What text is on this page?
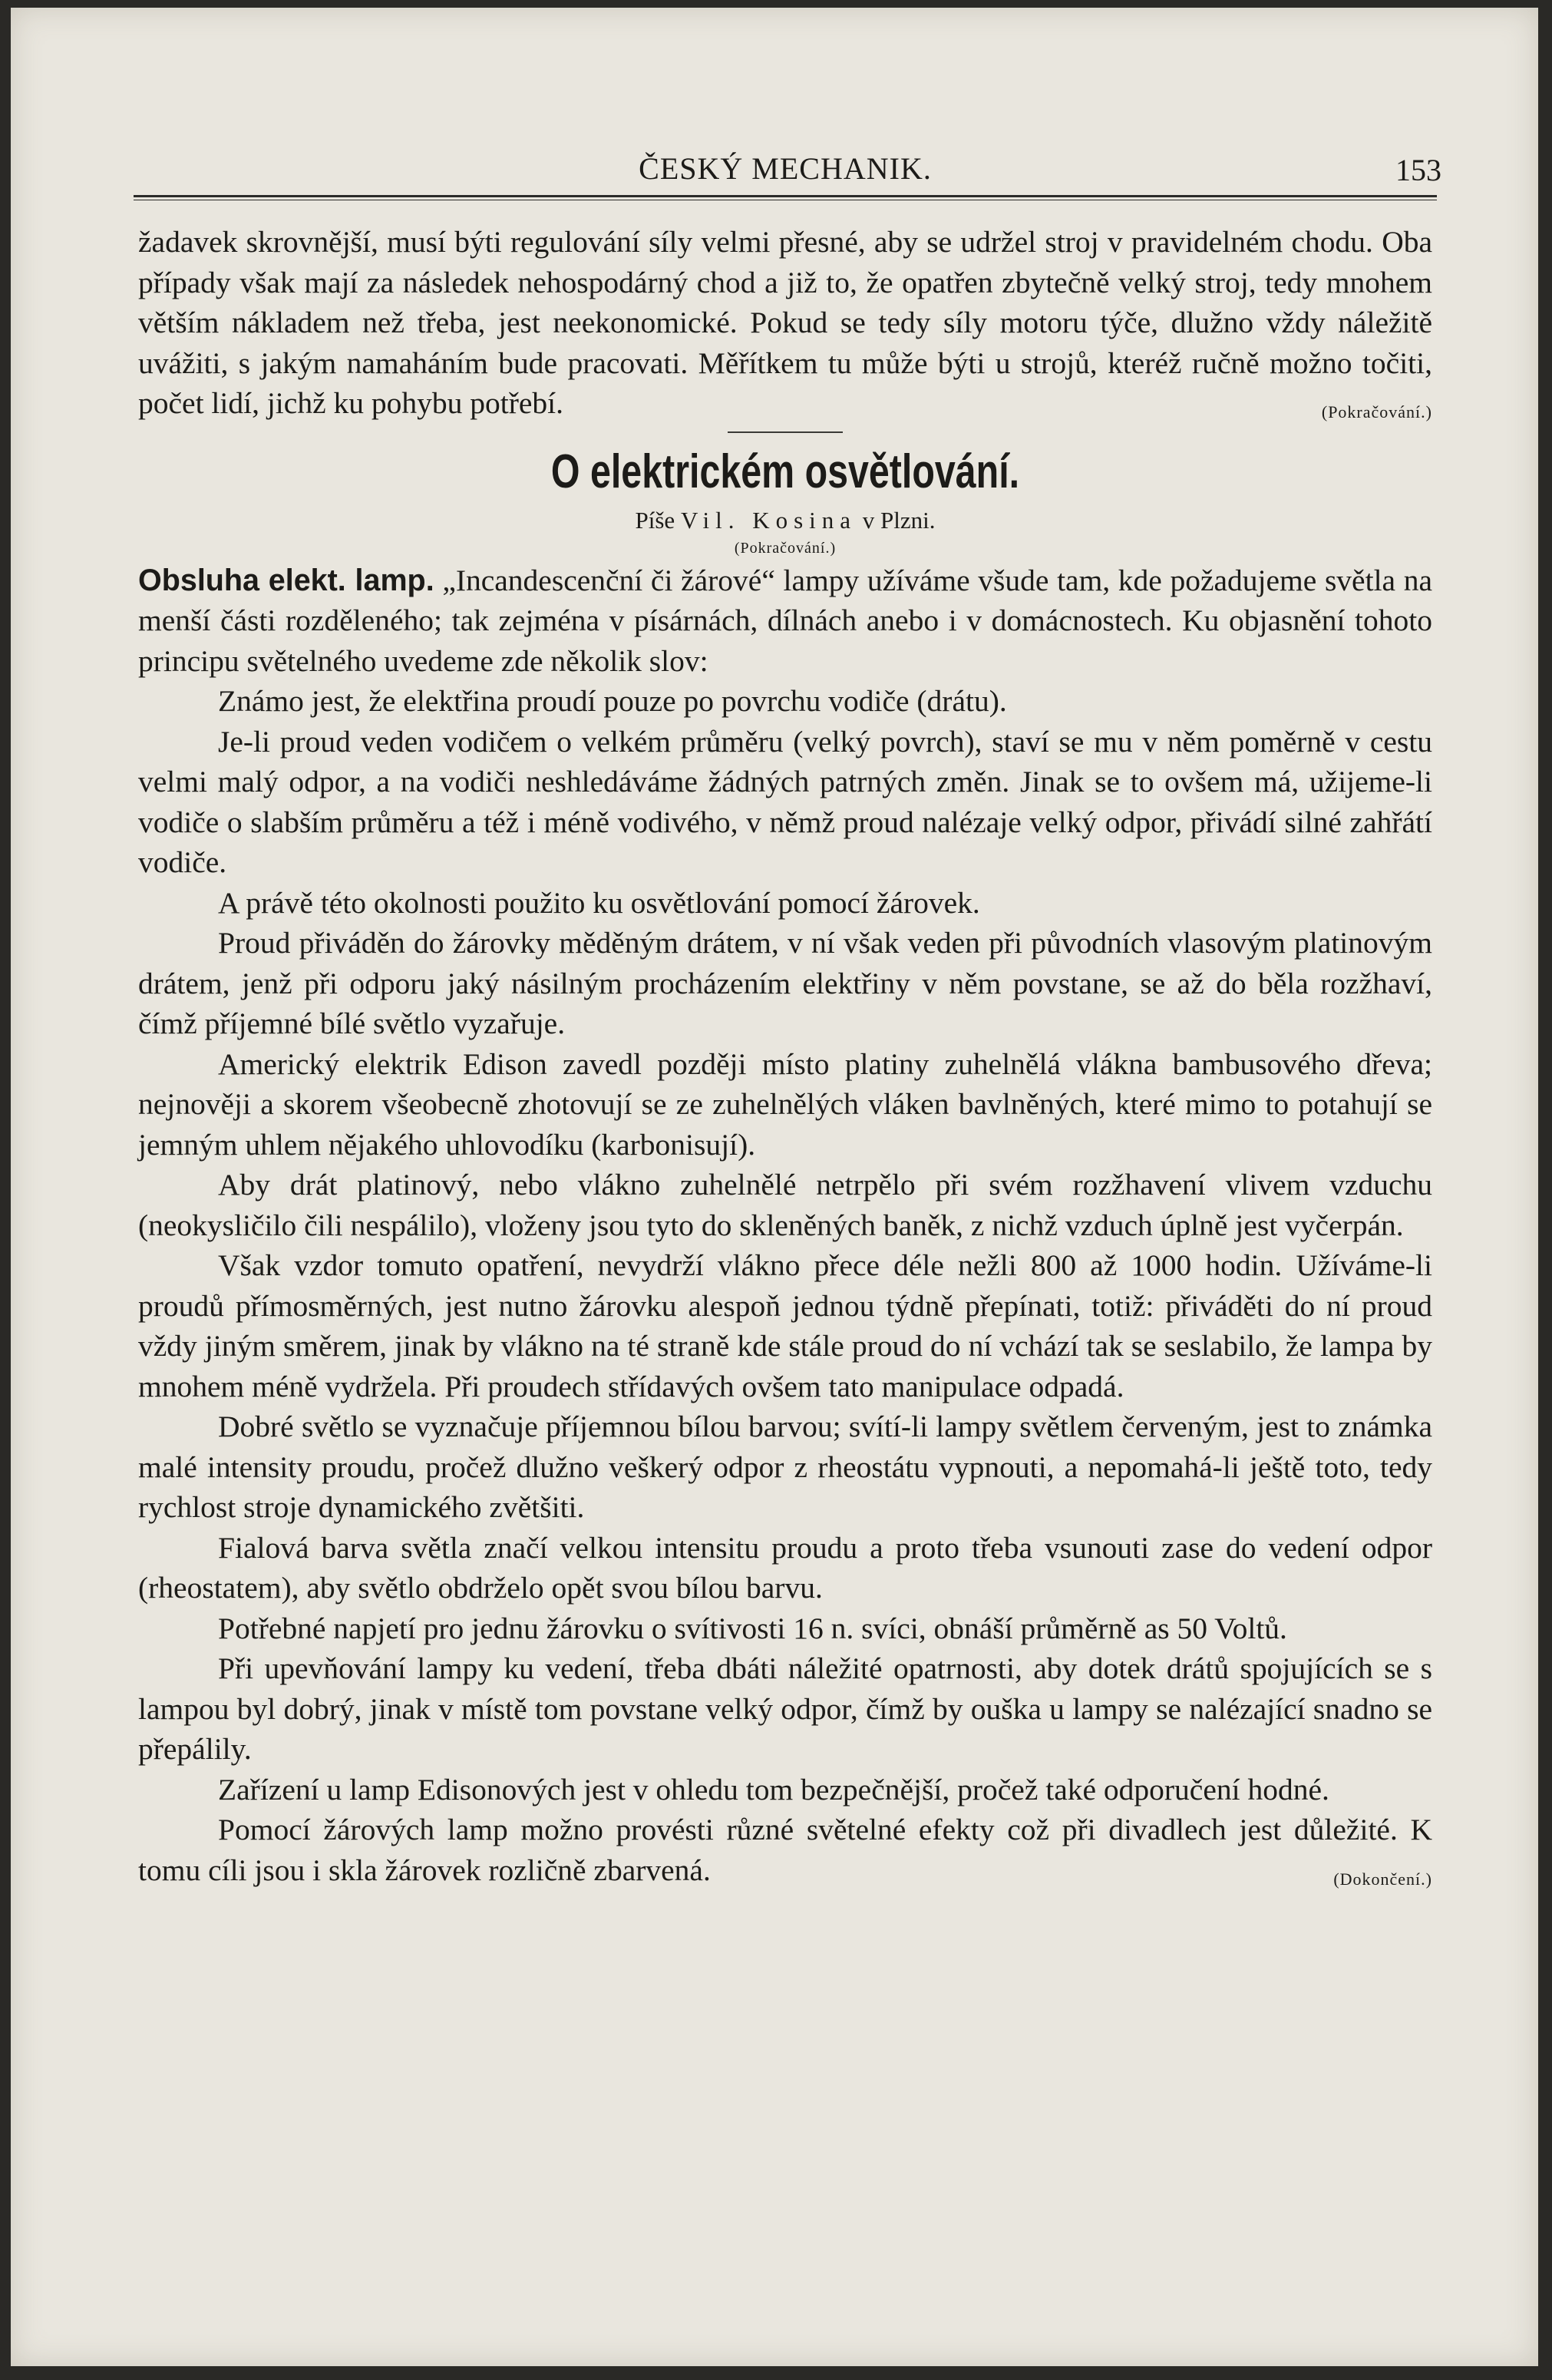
ČESKÝ MECHANIK.	153

žadavek skrovnější, musí býti regulování síly velmi přesné, aby se udržel stroj v pravidelném chodu. Oba případy však mají za následek nehospodárný chod a již to, že opatřen zbytečně velký stroj, tedy mnohem větším nákladem než třeba, jest neekonomické. Pokud se tedy síly motoru týče, dlužno vždy náležitě uvážiti, s jakým namaháním bude pracovati. Měřítkem tu může býti u strojů, kteréž ručně možno točiti, počet lidí, jichž ku pohybu potřebí.	(Pokračování.)

O elektrickém osvětlování.
Píše Vil. Kosina v Plzni.
(Pokračování.)

Obsluha elekt. lamp. „Incandescenční či žárové“ lampy užíváme všude tam, kde požadujeme světla na menší části rozděleného; tak zejména v písárnách, dílnách anebo i v domácnostech. Ku objasnění tohoto principu světelného uvedeme zde několik slov:

Známo jest, že elektřina proudí pouze po povrchu vodiče (drátu).

Je-li proud veden vodičem o velkém průměru (velký povrch), staví se mu v něm poměrně v cestu velmi malý odpor, a na vodiči neshledáváme žádných patrných změn. Jinak se to ovšem má, užijeme-li vodiče o slabším průměru a též i méně vodivého, v němž proud nalézaje velký odpor, přivádí silné zahřátí vodiče.

A právě této okolnosti použito ku osvětlování pomocí žárovek.

Proud přiváděn do žárovky měděným drátem, v ní však veden při původních vlasovým platinovým drátem, jenž při odporu jaký násilným procházením elektřiny v něm povstane, se až do běla rozžhaví, čímž příjemné bílé světlo vyzařuje.

Americký elektrik Edison zavedl později místo platiny zuhelnělá vlákna bambusového dřeva; nejnověji a skorem všeobecně zhotovují se ze zuhelnělých vláken bavlněných, které mimo to potahují se jemným uhlem nějakého uhlovodíku (karbonisují).

Aby drát platinový, nebo vlákno zuhelnělé netrpělo při svém rozžhavení vlivem vzduchu (neokysličilo čili nespálilo), vloženy jsou tyto do skleněných baněk, z nichž vzduch úplně jest vyčerpán.

Však vzdor tomuto opatření, nevydrží vlákno přece déle nežli 800 až 1000 hodin. Užíváme-li proudů přímosměrných, jest nutno žárovku alespoň jednou týdně přepínati, totiž: přiváděti do ní proud vždy jiným směrem, jinak by vlákno na té straně kde stále proud do ní vchází tak se seslabilo, že lampa by mnohem méně vydržela. Při proudech střídavých ovšem tato manipulace odpadá.

Dobré světlo se vyznačuje příjemnou bílou barvou; svítí-li lampy světlem červeným, jest to známka malé intensity proudu, pročež dlužno veškerý odpor z rheostátu vypnouti, a nepomahá-li ještě toto, tedy rychlost stroje dynamického zvětšiti.

Fialová barva světla značí velkou intensitu proudu a proto třeba vsunouti zase do vedení odpor (rheostatem), aby světlo obdrželo opět svou bílou barvu.

Potřebné napjetí pro jednu žárovku o svítivosti 16 n. svíci, obnáší průměrně as 50 Voltů.

Při upevňování lampy ku vedení, třeba dbáti náležité opatrnosti, aby dotek drátů spojujících se s lampou byl dobrý, jinak v místě tom povstane velký odpor, čímž by ouška u lampy se nalézající snadno se přepálily.

Zařízení u lamp Edisonových jest v ohledu tom bezpečnější, pročež také odporučení hodné.

Pomocí žárových lamp možno provésti různé světelné efekty což při divadlech jest důležité. K tomu cíli jsou i skla žárovek rozličně zbarvená.	(Dokončení.)
